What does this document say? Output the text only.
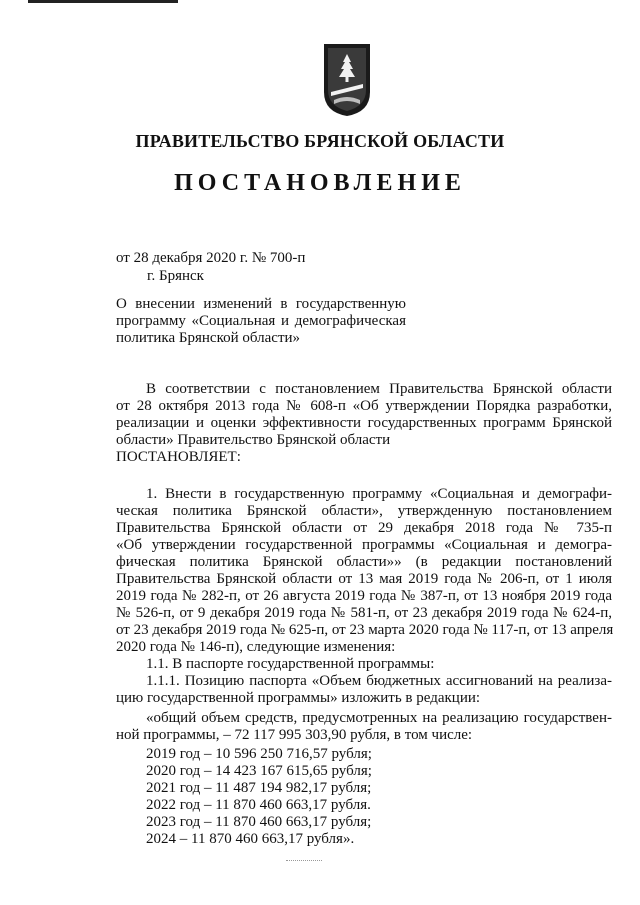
ПРАВИТЕЛЬСТВО БРЯНСКОЙ ОБЛАСТИ
ПОСТАНОВЛЕНИЕ
от 28 декабря 2020 г. № 700-п
г. Брянск
О внесении изменений в государственную
программу «Социальная и демографическая
политика Брянской области»
В соответствии с постановлением Правительства Брянской области
от 28 октября 2013 года № 608-п «Об утверждении Порядка разработки,
реализации и оценки эффективности государственных программ Брянской
области» Правительство Брянской области
ПОСТАНОВЛЯЕТ:
1. Внести в государственную программу «Социальная и демографи-
ческая политика Брянской области», утвержденную постановлением
Правительства Брянской области от 29 декабря 2018 года № 735-п
«Об утверждении государственной программы «Социальная и демогра-
фическая политика Брянской области»» (в редакции постановлений
Правительства Брянской области от 13 мая 2019 года № 206-п, от 1 июля
2019 года № 282-п, от 26 августа 2019 года № 387-п, от 13 ноября 2019 года
№ 526-п, от 9 декабря 2019 года № 581-п, от 23 декабря 2019 года № 624-п,
от 23 декабря 2019 года № 625-п, от 23 марта 2020 года № 117-п, от 13 апреля
2020 года № 146-п), следующие изменения:
1.1. В паспорте государственной программы:
1.1.1. Позицию паспорта «Объем бюджетных ассигнований на реализа-
цию государственной программы» изложить в редакции:
«общий объем средств, предусмотренных на реализацию государствен-
ной программы, – 72 117 995 303,90 рубля, в том числе:
2019 год – 10 596 250 716,57 рубля;
2020 год – 14 423 167 615,65 рубля;
2021 год – 11 487 194 982,17 рубля;
2022 год – 11 870 460 663,17 рубля.
2023 год – 11 870 460 663,17 рубля;
2024 – 11 870 460 663,17 рубля».
